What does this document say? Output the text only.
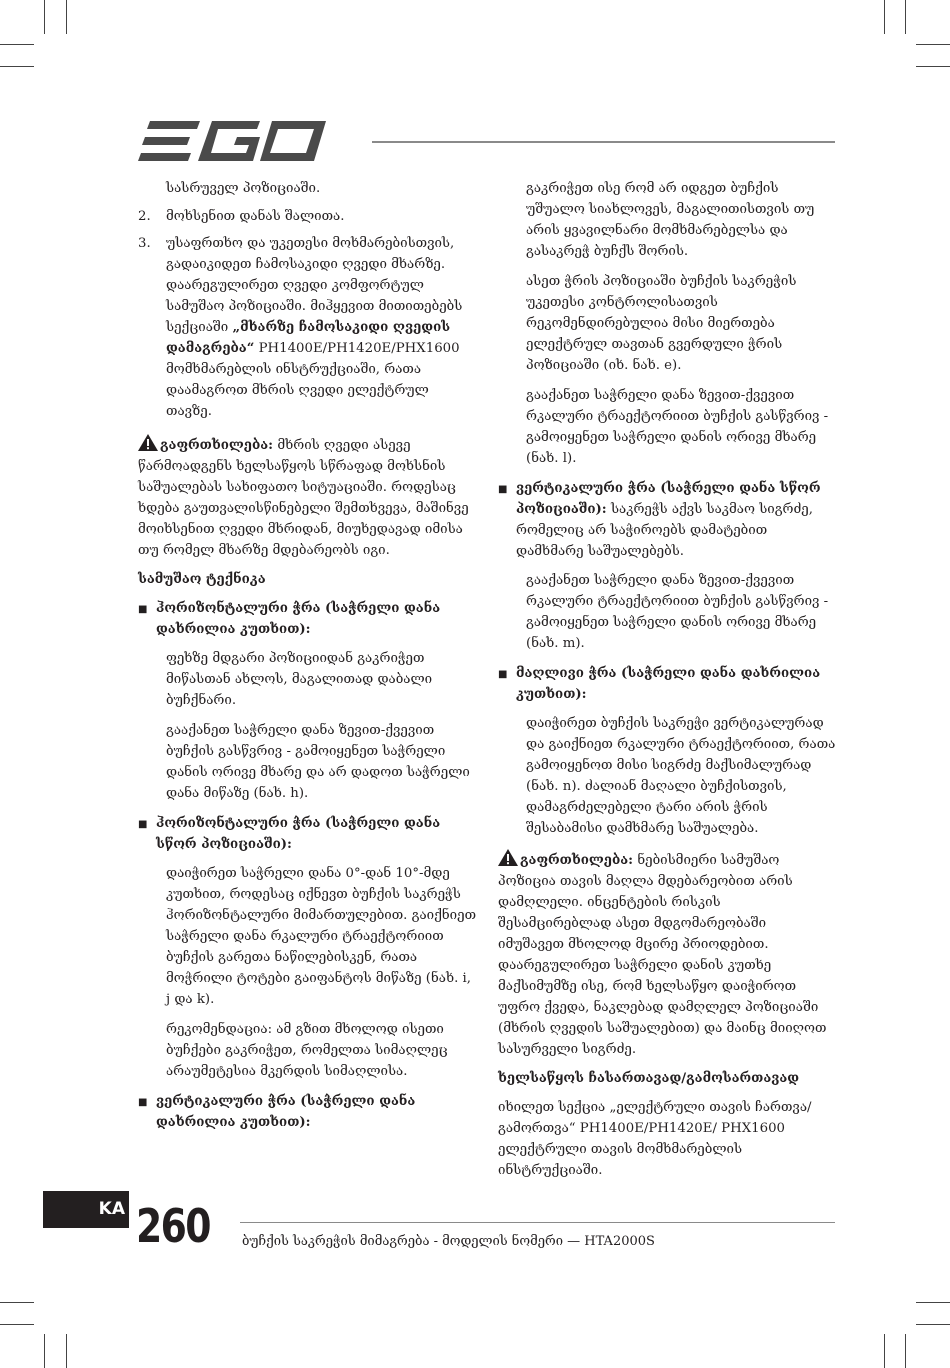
სასრუველ პოზიციაში.

2.	მოხსენით დანას შალითა.
3.	უსაფრთხო და უკეთესი მოხმარებისთვის, გადაიკიდეთ ჩამოსაკიდი ღვედი მხარზე. დაარეგულირეთ ღვედი კომფორტულ სამუშაო პოზიციაში. მიჰყევით მითითებებს სექციაში „მხარზე ჩამოსაკიდი ღვედის დამაგრება“ PH1400E/PH1420E/PHX1600 მომხმარებლის ინსტრუქციაში, რათა დაამაგროთ მხრის ღვედი ელექტრულ თავზე.

გაფრთხილება: მხრის ღვედი ასევე წარმოადგენს ხელსაწყოს სწრაფად მოხსნის საშუალებას სახიფათო სიტუაციაში. როდესაც ხდება გაუთვალისწინებელი შემთხვევა, მაშინვე მოიხსენით ღვედი მხრიდან, მიუხედავად იმისა თუ რომელ მხარზე მდებარეობს იგი.

სამუშაო ტექნიკა
■ ჰორიზონტალური ჭრა (საჭრელი დანა დახრილია კუთხით):

ფეხზე მდგარი პოზიციიდან გაკრიჭეთ მიწასთან ახლოს, მაგალითად დაბალი ბუჩქნარი.

გააქანეთ საჭრელი დანა ზევით-ქვევით ბუჩქის გასწვრივ - გამოიყენეთ საჭრელი დანის ორივე მხარე და არ დადოთ საჭრელი დანა მიწაზე (ნახ. h).

■ ჰორიზონტალური ჭრა (საჭრელი დანა სწორ პოზიციაში):

დაიჭირეთ საჭრელი დანა 0°-დან 10°-მდე კუთხით, როდესაც იქნევთ ბუჩქის საკრეჭს ჰორიზონტალური მიმართულებით. გაიქნიეთ საჭრელი დანა რკალური ტრაექტორიით ბუჩქის გარეთა ნაწილებისკენ, რათა მოჭრილი ტოტები გაიფანტოს მიწაზე (ნახ. i, j და k).

რეკომენდაცია: ამ გზით მხოლოდ ისეთი ბუჩქები გაკრიჭეთ, რომელთა სიმაღლეც არაუმეტესია მკერდის სიმაღლისა.

■ ვერტიკალური ჭრა (საჭრელი დანა დახრილია კუთხით):

გაკრიჭეთ ისე რომ არ იდგეთ ბუჩქის უშუალო სიახლოვეს, მაგალითისთვის თუ არის ყვავილნარი მომხმარებელსა და გასაკრეჭ ბუჩქს შორის.

ასეთ ჭრის პოზიციაში ბუჩქის საკრეჭის უკეთესი კონტროლისათვის რეკომენდირებულია მისი მიერთება ელექტრულ თავთან გვერდული ჭრის პოზიციაში (იხ. ნახ. e).

გააქანეთ საჭრელი დანა ზევით-ქვევით რკალური ტრაექტორიით ბუჩქის გასწვრივ - გამოიყენეთ საჭრელი დანის ორივე მხარე (ნახ. l).

■ ვერტიკალური ჭრა (საჭრელი დანა სწორ პოზიციაში): საკრეჭს აქვს საკმაო სიგრძე, რომელიც არ საჭიროებს დამატებით დამხმარე საშუალებებს.

გააქანეთ საჭრელი დანა ზევით-ქვევით რკალური ტრაექტორიით ბუჩქის გასწვრივ - გამოიყენეთ საჭრელი დანის ორივე მხარე (ნახ. m).

■ მაღლივი ჭრა (საჭრელი დანა დახრილია კუთხით):

დაიჭირეთ ბუჩქის საკრეჭი ვერტიკალურად და გაიქნიეთ რკალური ტრაექტორიით, რათა გამოიყენოთ მისი სიგრძე მაქსიმალურად (ნახ. n). ძალიან მაღალი ბუჩქისთვის, დამაგრძელებელი ტარი არის ჭრის შესაბამისი დამხმარე საშუალება.

გაფრთხილება: ნებისმიერი სამუშაო პოზიცია თავის მაღლა მდებარეობით არის დამღლელი. ინცენტების რისკის შესამცირებლად ასეთ მდგომარეობაში იმუშავეთ მხოლოდ მცირე პრიოდებით. დაარეგულირეთ საჭრელი დანის კუთხე მაქსიმუმზე ისე, რომ ხელსაწყო დაიჭიროთ უფრო ქვედა, ნაკლებად დამღლელ პოზიციაში (მხრის ღვედის საშუალებით) და მაინც მიიღოთ სასურველი სიგრძე.

ხელსაწყოს ჩასართავად/გამოსართავად

იხილეთ სექცია „ელექტრული თავის ჩართვა/გამორთვა“ PH1400E/PH1420E/ PHX1600 ელექტრული თავის მომხმარებლის ინსტრუქციაში.

KA 260 ბუჩქის საკრეჭის მიმაგრება - მოდელის ნომერი — HTA2000S
